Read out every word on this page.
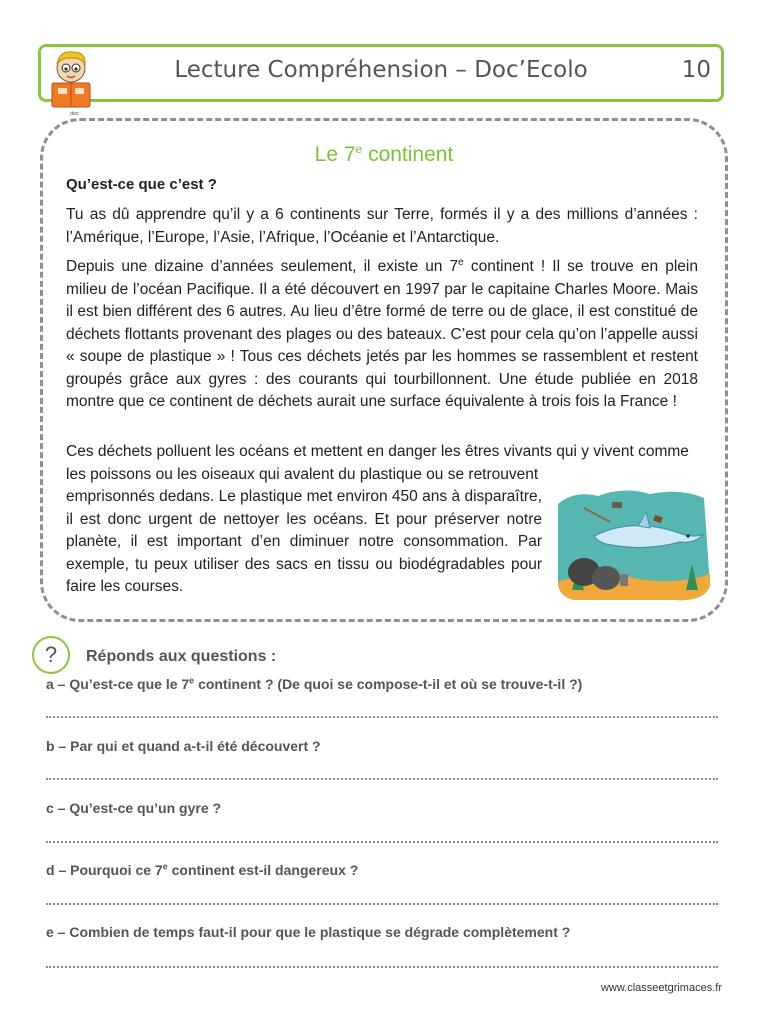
Lecture Compréhension – Doc’Ecolo	10
doc
Le 7e continent
Qu’est-ce que c’est ?
Tu as dû apprendre qu’il y a 6 continents sur Terre, formés il y a des millions d’années : l’Amérique, l’Europe, l’Asie, l’Afrique, l’Océanie et l’Antarctique.
Depuis une dizaine d’années seulement, il existe un 7e continent ! Il se trouve en plein milieu de l’océan Pacifique. Il a été découvert en 1997 par le capitaine Charles Moore. Mais il est bien différent des 6 autres. Au lieu d’être formé de terre ou de glace, il est constitué de déchets flottants provenant des plages ou des bateaux. C’est pour cela qu’on l’appelle aussi « soupe de plastique » ! Tous ces déchets jetés par les hommes se rassemblent et restent groupés grâce aux gyres : des courants qui tourbillonnent. Une étude publiée en 2018 montre que ce continent de déchets aurait une surface équivalente à trois fois la France !
Ces déchets polluent les océans et mettent en danger les êtres vivants qui y vivent comme les poissons ou les oiseaux qui avalent du plastique ou se retrouvent
emprisonnés dedans. Le plastique met environ 450 ans à disparaître, il est donc urgent de nettoyer les océans. Et pour préserver notre planète, il est important d’en diminuer notre consommation. Par exemple, tu peux utiliser des sacs en tissu ou biodégradables pour faire les courses.
?	Réponds aux questions :
a – Qu’est-ce que le 7e continent ? (De quoi se compose-t-il et où se trouve-t-il ?)
b – Par qui et quand a-t-il été découvert ?
c – Qu’est-ce qu’un gyre ?
d – Pourquoi ce 7e continent est-il dangereux ?
e – Combien de temps faut-il pour que le plastique se dégrade complètement ?
www.classeetgrimaces.fr
